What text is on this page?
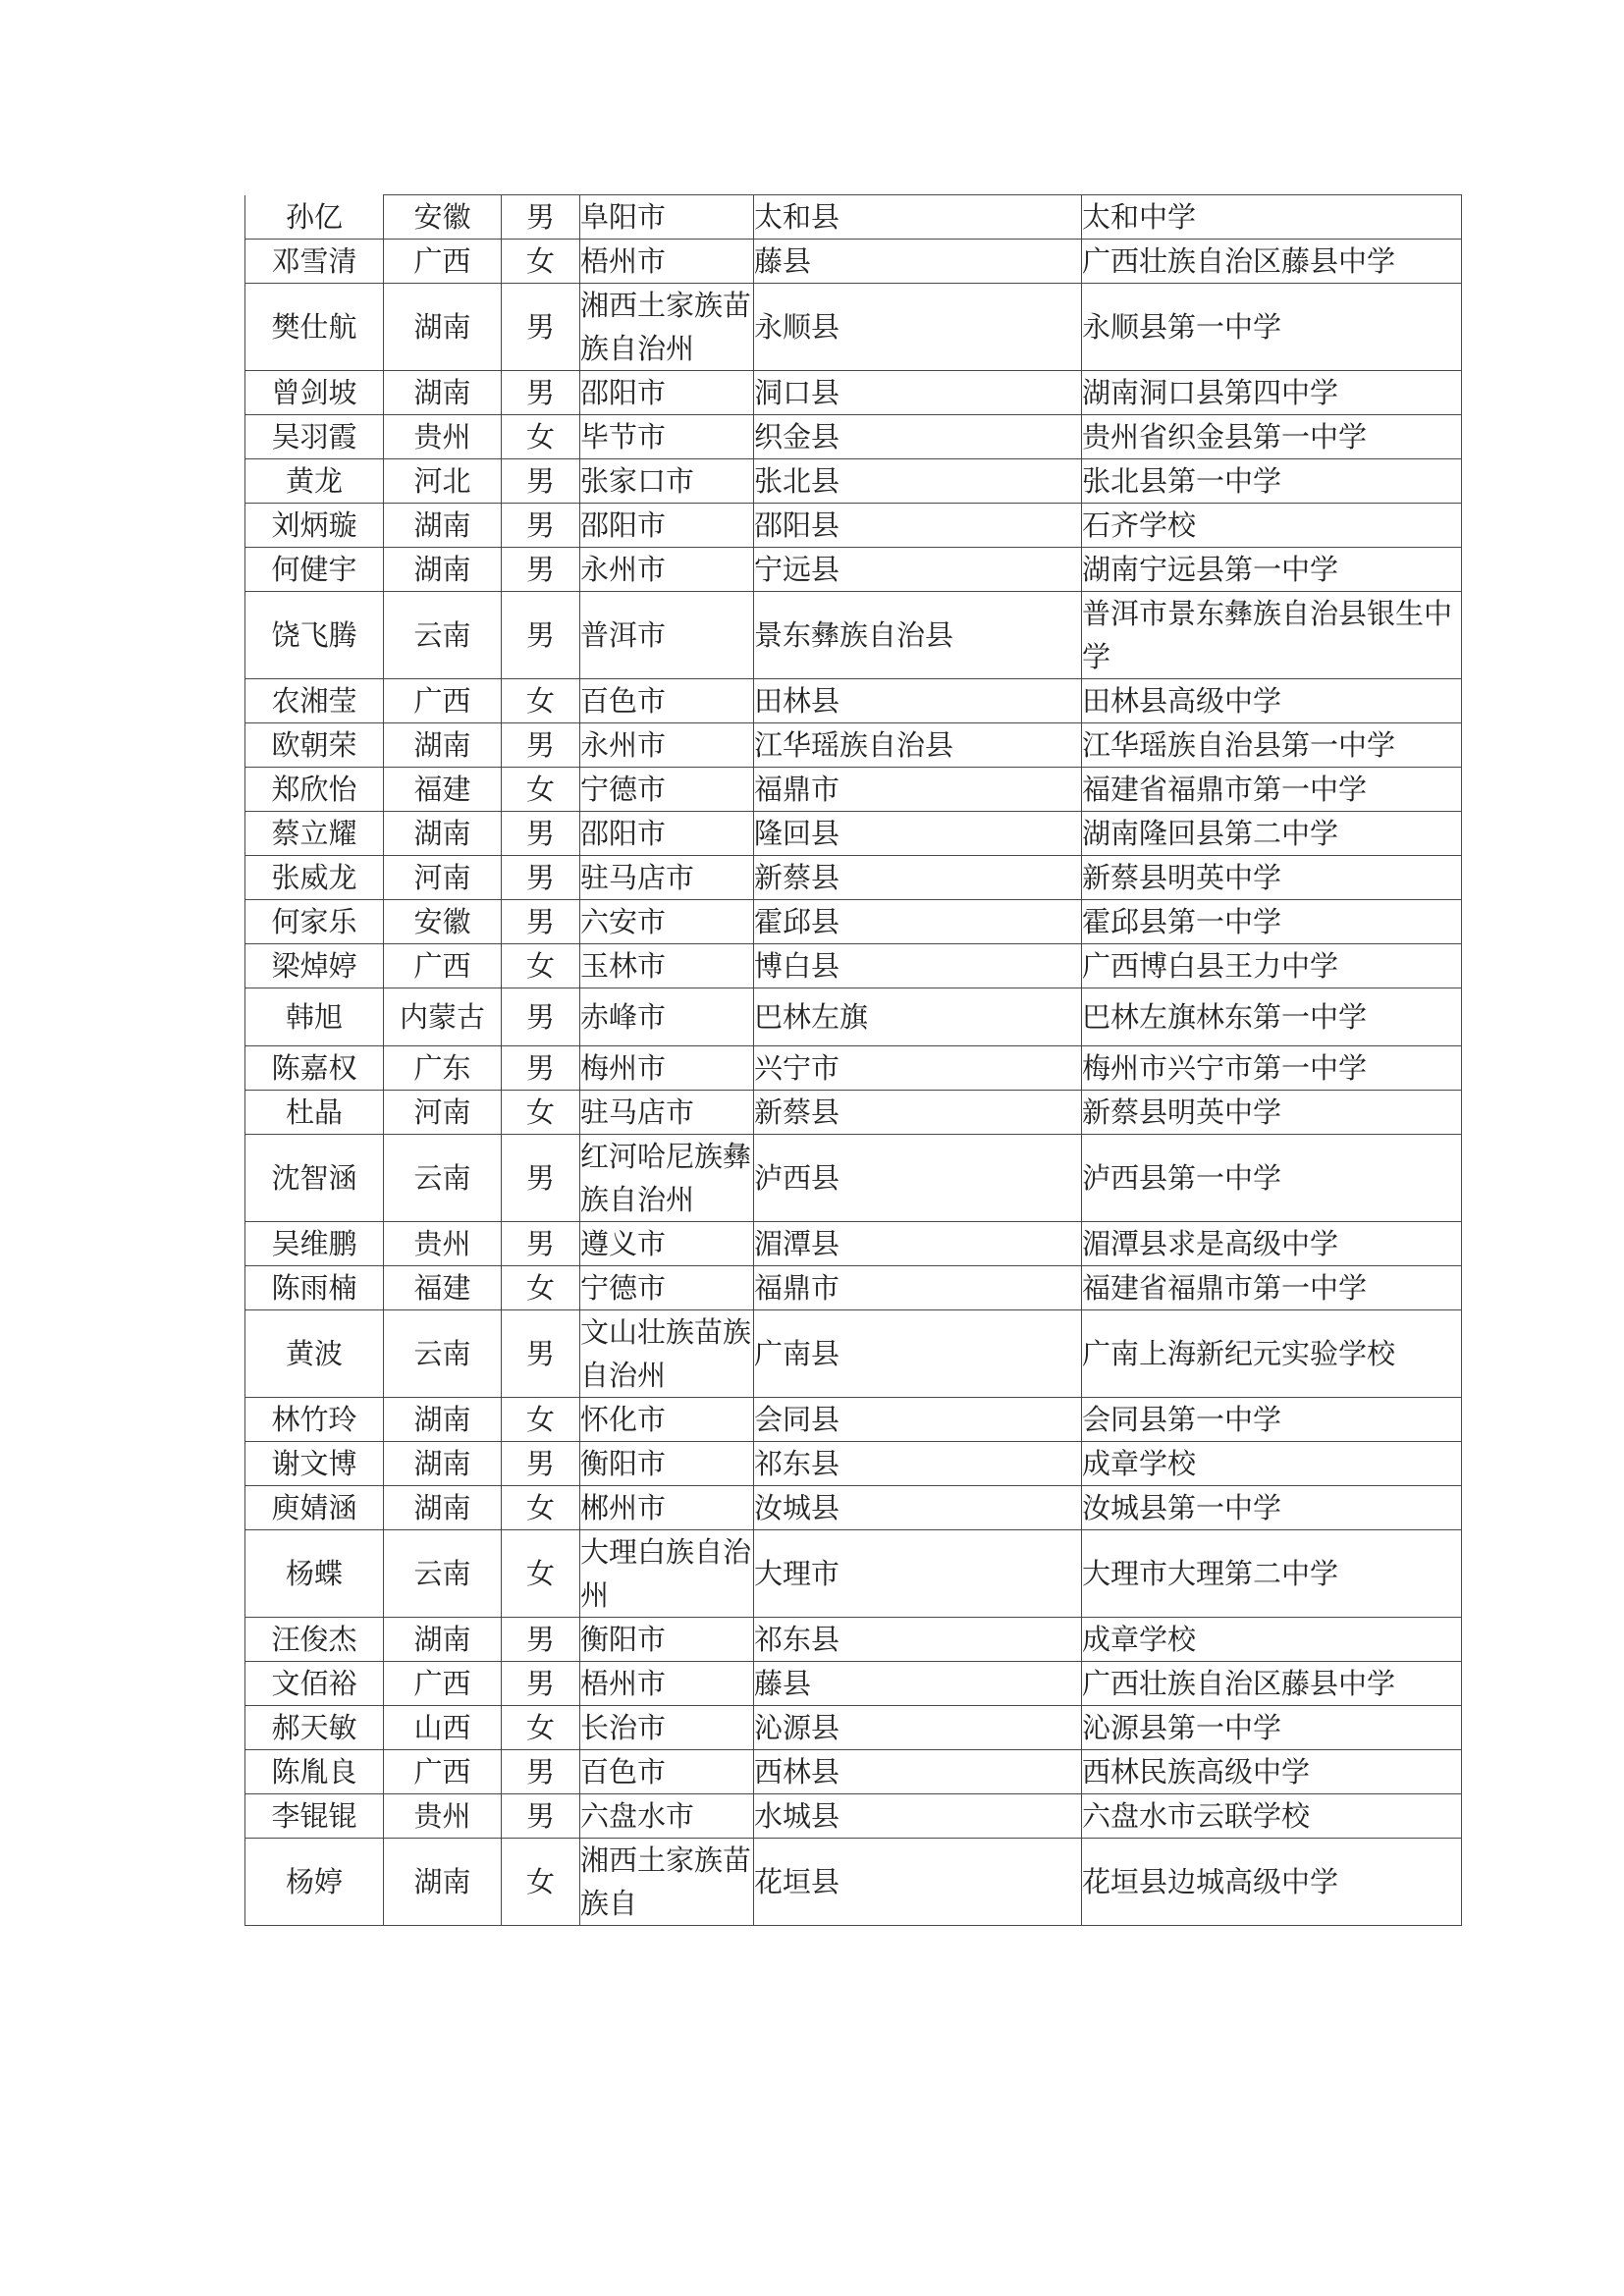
孙亿	安徽	男	阜阳市	太和县	太和中学
邓雪清	广西	女	梧州市	藤县	广西壮族自治区藤县中学
樊仕航	湖南	男	湘西土家族苗族自治州	永顺县	永顺县第一中学
曾剑坡	湖南	男	邵阳市	洞口县	湖南洞口县第四中学
吴羽霞	贵州	女	毕节市	织金县	贵州省织金县第一中学
黄龙	河北	男	张家口市	张北县	张北县第一中学
刘炳璇	湖南	男	邵阳市	邵阳县	石齐学校
何健宇	湖南	男	永州市	宁远县	湖南宁远县第一中学
饶飞腾	云南	男	普洱市	景东彝族自治县	普洱市景东彝族自治县银生中学
农湘莹	广西	女	百色市	田林县	田林县高级中学
欧朝荣	湖南	男	永州市	江华瑶族自治县	江华瑶族自治县第一中学
郑欣怡	福建	女	宁德市	福鼎市	福建省福鼎市第一中学
蔡立耀	湖南	男	邵阳市	隆回县	湖南隆回县第二中学
张威龙	河南	男	驻马店市	新蔡县	新蔡县明英中学
何家乐	安徽	男	六安市	霍邱县	霍邱县第一中学
梁焯婷	广西	女	玉林市	博白县	广西博白县王力中学
韩旭	内蒙古	男	赤峰市	巴林左旗	巴林左旗林东第一中学
陈嘉权	广东	男	梅州市	兴宁市	梅州市兴宁市第一中学
杜晶	河南	女	驻马店市	新蔡县	新蔡县明英中学
沈智涵	云南	男	红河哈尼族彝族自治州	泸西县	泸西县第一中学
吴维鹏	贵州	男	遵义市	湄潭县	湄潭县求是高级中学
陈雨楠	福建	女	宁德市	福鼎市	福建省福鼎市第一中学
黄波	云南	男	文山壮族苗族自治州	广南县	广南上海新纪元实验学校
林竹玲	湖南	女	怀化市	会同县	会同县第一中学
谢文博	湖南	男	衡阳市	祁东县	成章学校
庾婧涵	湖南	女	郴州市	汝城县	汝城县第一中学
杨蝶	云南	女	大理白族自治州	大理市	大理市大理第二中学
汪俊杰	湖南	男	衡阳市	祁东县	成章学校
文佰裕	广西	男	梧州市	藤县	广西壮族自治区藤县中学
郝天敏	山西	女	长治市	沁源县	沁源县第一中学
陈胤良	广西	男	百色市	西林县	西林民族高级中学
李锟锟	贵州	男	六盘水市	水城县	六盘水市云联学校
杨婷	湖南	女	湘西土家族苗族自	花垣县	花垣县边城高级中学
